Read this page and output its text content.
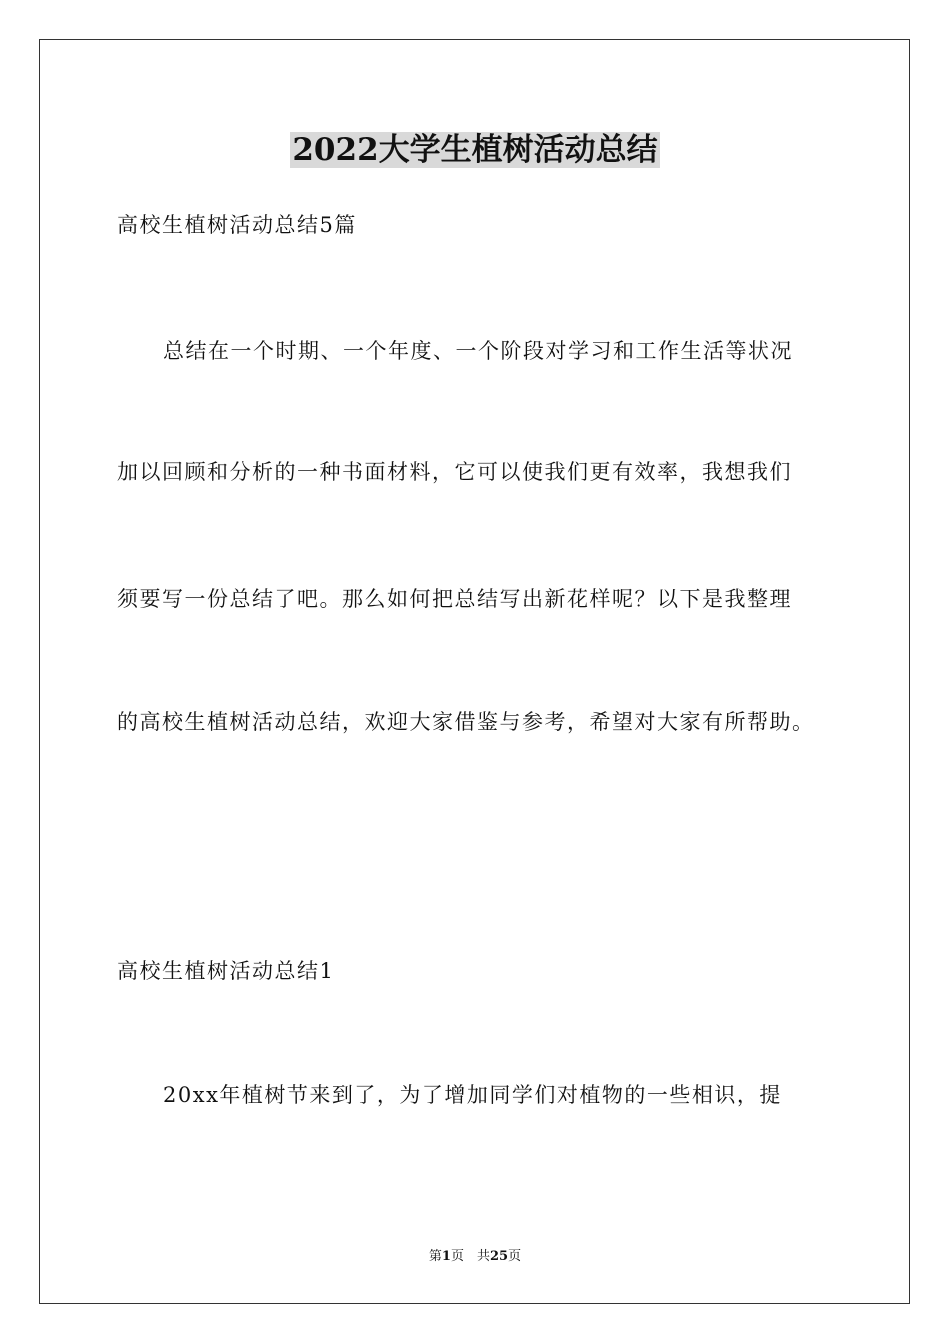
2022大学生植树活动总结
高校生植树活动总结5篇
总结在一个时期、一个年度、一个阶段对学习和工作生活等状况
加以回顾和分析的一种书面材料，它可以使我们更有效率，我想我们
须要写一份总结了吧。那么如何把总结写出新花样呢？以下是我整理
的高校生植树活动总结，欢迎大家借鉴与参考，希望对大家有所帮助。
高校生植树活动总结1
20xx年植树节来到了，为了增加同学们对植物的一些相识，提
第1页　共25页
